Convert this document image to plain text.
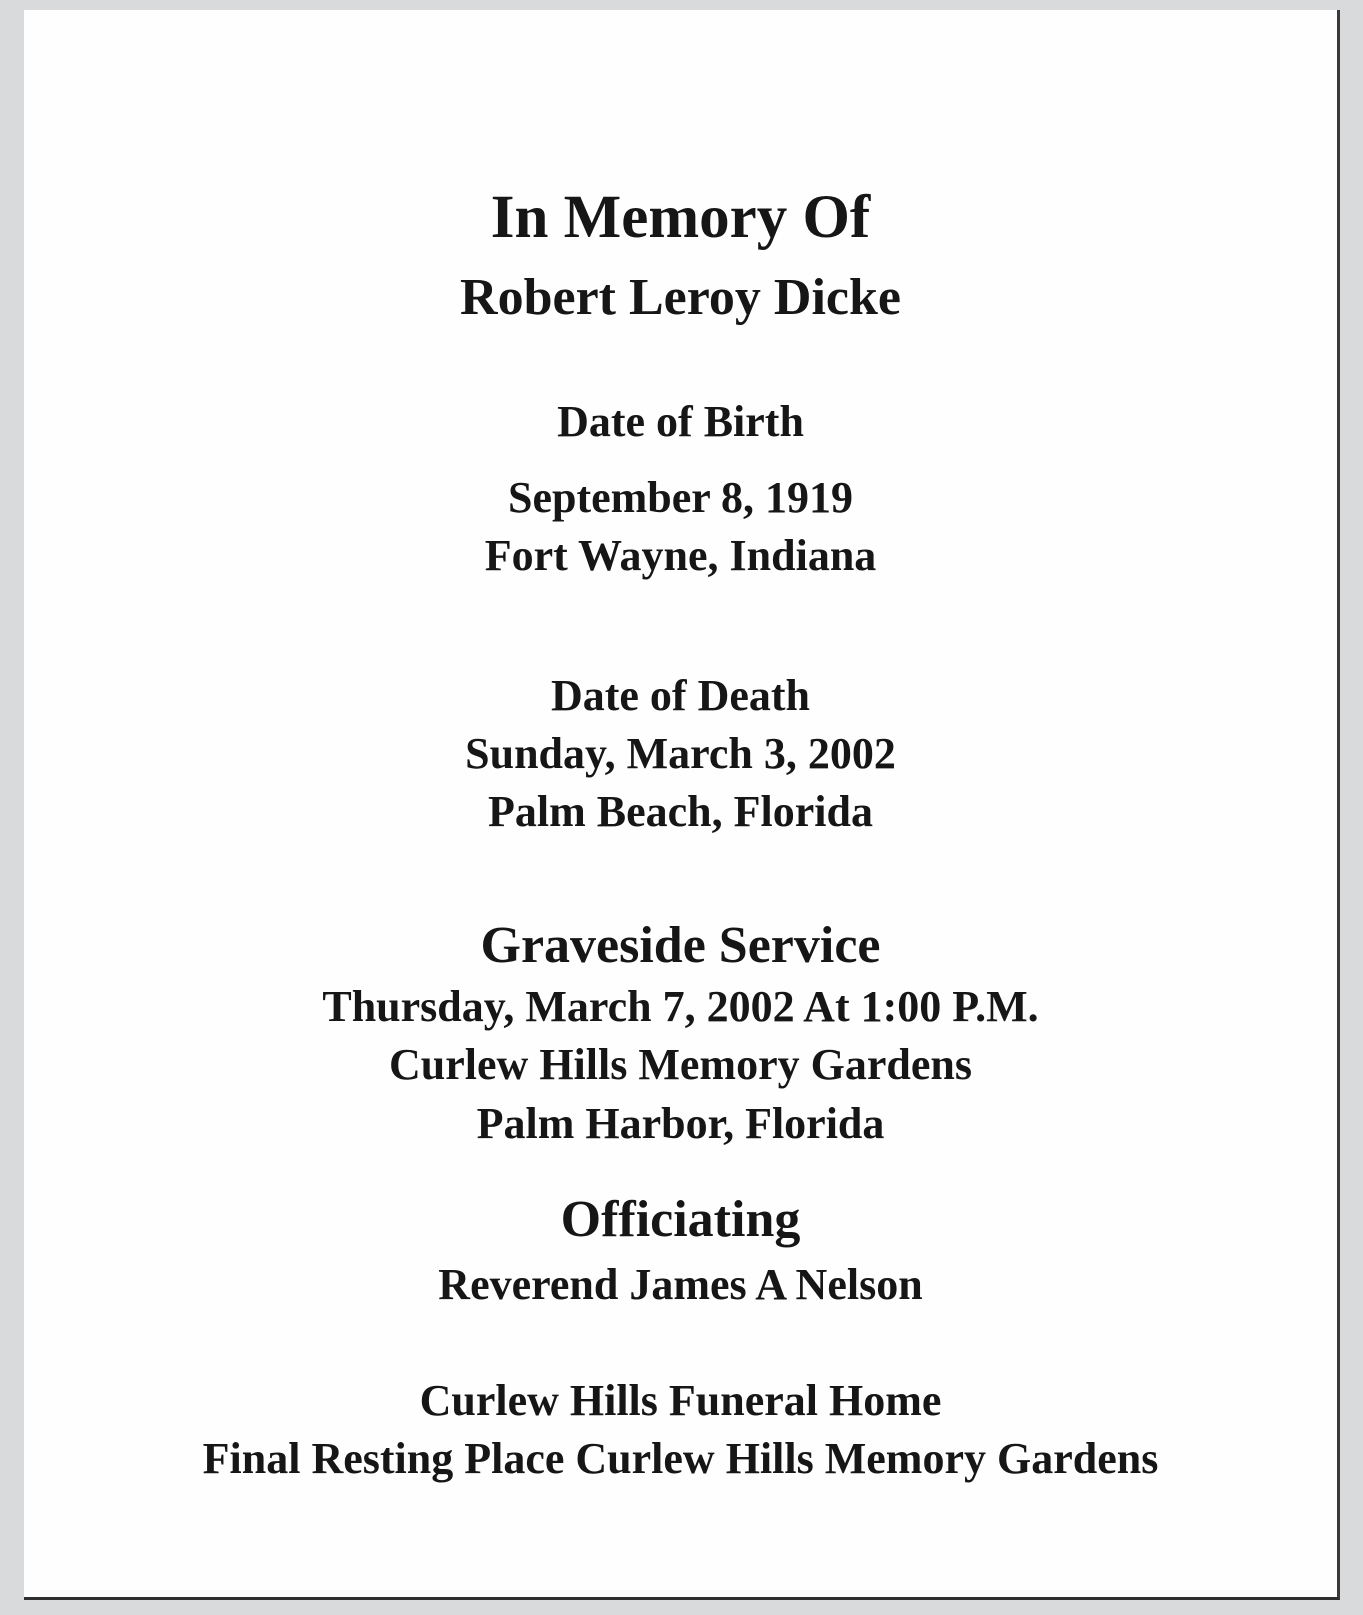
In Memory Of
Robert Leroy Dicke
Date of Birth
September 8, 1919
Fort Wayne, Indiana
Date of Death
Sunday, March 3, 2002
Palm Beach, Florida
Graveside Service
Thursday, March 7, 2002 At 1:00 P.M.
Curlew Hills Memory Gardens
Palm Harbor, Florida
Officiating
Reverend James A Nelson
Curlew Hills Funeral Home
Final Resting Place Curlew Hills Memory Gardens
